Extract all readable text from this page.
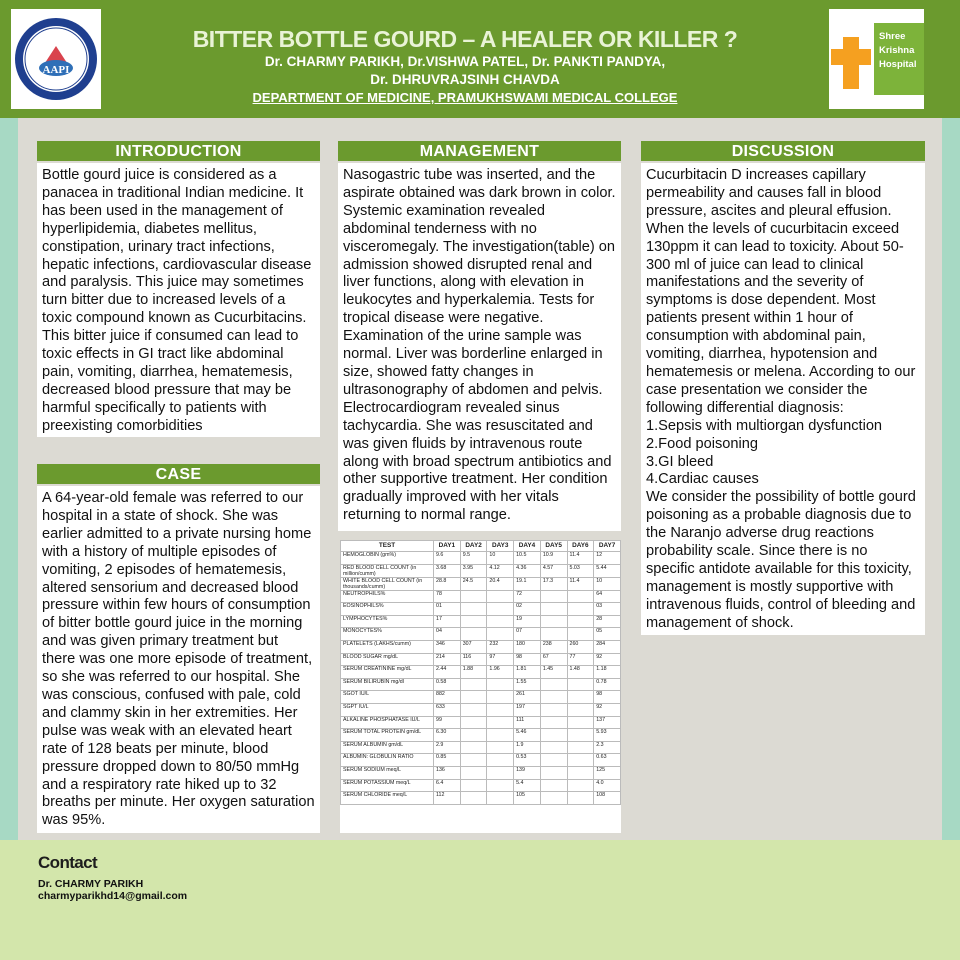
AAPI
BITTER BOTTLE GOURD – A HEALER OR KILLER ?
Dr. CHARMY PARIKH, Dr.VISHWA PATEL, Dr. PANKTI PANDYA,
Dr. DHRUVRAJSINH CHAVDA
DEPARTMENT OF MEDICINE, PRAMUKHSWAMI MEDICAL COLLEGE
Shree
Krishna
Hospital
INTRODUCTION

Bottle gourd juice is considered as a panacea in traditional Indian medicine. It has been used in the management of hyperlipidemia, diabetes mellitus, constipation, urinary tract infections, hepatic infections, cardiovascular disease and paralysis. This juice may sometimes turn bitter due to increased levels of a toxic compound known as Cucurbitacins. This bitter juice if consumed can lead to toxic effects in GI tract like abdominal pain, vomiting, diarrhea, hematemesis, decreased blood pressure that may be harmful specifically to patients with preexisting comorbidities

CASE

A 64-year-old female was referred to our hospital in a state of shock. She was earlier admitted to a private nursing home with a history of multiple episodes of vomiting, 2 episodes of hematemesis, altered sensorium and decreased blood pressure within few hours of consumption of bitter bottle gourd juice in the morning and was given primary treatment but there was one more episode of treatment, so she was referred to our hospital. She was conscious, confused with pale, cold and clammy skin in her extremities. Her pulse was weak with an elevated heart rate of 128 beats per minute, blood pressure dropped down to 80/50 mmHg and a respiratory rate hiked up to 32 breaths per minute. Her oxygen saturation was 95%.

MANAGEMENT

Nasogastric tube was inserted, and the aspirate obtained was dark brown in color. Systemic examination revealed abdominal tenderness with no visceromegaly. The investigation(table) on admission showed disrupted renal and liver functions, along with elevation in leukocytes and hyperkalemia. Tests for tropical disease were negative. Examination of the urine sample was normal. Liver was borderline enlarged in size, showed fatty changes in ultrasonography of abdomen and pelvis. Electrocardiogram revealed sinus tachycardia. She was resuscitated and was given fluids by intravenous route along with broad spectrum antibiotics and other supportive treatment. Her condition gradually improved with her vitals returning to normal range.

TEST	DAY1	DAY2	DAY3	DAY4	DAY5	DAY6	DAY7
HEMOGLOBIN (gm%)	9.6	9.5	10	10.5	10.9	11.4	12
RED BLOOD CELL COUNT (in million/cumm)	3.68	3.95	4.12	4.36	4.57	5.03	5.44
WHITE BLOOD CELL COUNT (in thousands/cumm)	28.8	24.5	20.4	19.1	17.3	11.4	10
NEUTROPHILS%	78			72			64
EOSINOPHILS%	01			02			03
LYMPHOCYTES%	17			19			28
MONOCYTES%	04			07			05
PLATELETS (LAKHS/cumm)	346	307	232	180	238	260	284
BLOOD SUGAR mg/dL	214	116	97	98	67	77	92
SERUM CREATININE mg/dL	2.44	1.88	1.96	1.81	1.45	1.48	1.18
SERUM BILIRUBIN mg/dl	0.58			1.55			0.78
SGOT IU/L	882			261			98
SGPT IU/L	633			197			92
ALKALINE PHOSPHATASE IU/L	99			111			137
SERUM TOTAL PROTEIN gm/dL	6.30			5.46			5.93
SERUM ALBUMIN gm/dL	2.9			1.9			2.3
ALBUMIN: GLOBULIN RATIO	0.85			0.53			0.63
SERUM SODIUM meq/L	136			139			125
SERUM POTASSIUM meq/L	6.4			5.4			4.0
SERUM CHLORIDE meq/L	112			105			108
DISCUSSION

Cucurbitacin D increases capillary permeability and causes fall in blood pressure, ascites and pleural effusion. When the levels of cucurbitacin exceed 130ppm it can lead to toxicity. About 50-300 ml of juice can lead to clinical manifestations and the severity of symptoms is dose dependent. Most patients present within 1 hour of consumption with abdominal pain, vomiting, diarrhea, hypotension and hematemesis or melena. According to our case presentation we consider the following differential diagnosis:

1.Sepsis with multiorgan dysfunction

2.Food poisoning

3.GI bleed

4.Cardiac causes

We consider the possibility of bottle gourd poisoning as a probable diagnosis due to the Naranjo adverse drug reactions probability scale. Since there is no specific antidote available for this toxicity, management is mostly supportive with intravenous fluids, control of bleeding and management of shock.

Contact
Dr. CHARMY PARIKH
charmyparikhd14@gmail.com
